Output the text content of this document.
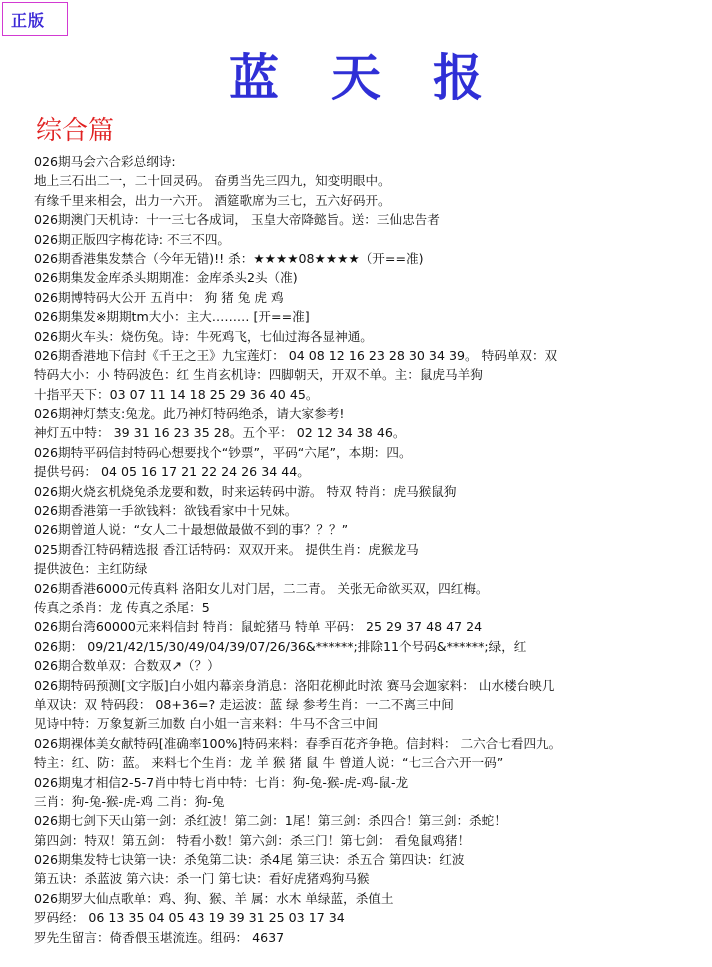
正版
蓝天报
综合篇
026期马会六合彩总纲诗:
地上三石出二一，二十回灵码。 奋勇当先三四九，知变明眼中。
有缘千里来相会，出力一六开。 酒筵歌席为三七，五六好码开。
026期澳门天机诗：十一三七各成词， 玉皇大帝降懿旨。送：三仙忠告者
026期正版四字梅花诗: 不三不四。
026期香港集发禁合（今年无错)!! 杀：★★★★08★★★★（开==准)
026期集发金库杀头期期准：金库杀头2头（准)
026期博特码大公开 五肖中： 狗 猪 兔 虎 鸡
026期集发※期期tm大小：主大……… [开==准]
026期火车头：烧伤兔。诗：牛死鸡飞，七仙过海各显神通。
026期香港地下信封《千王之王》九宝莲灯： 04 08 12 16 23 28 30 34 39。 特码单双：双
特码大小：小 特码波色：红 生肖玄机诗：四脚朝天，开双不单。主：鼠虎马羊狗
十指平天下：03 07 11 14 18 25 29 36 40 45。
026期神灯禁支:兔龙。此乃神灯特码绝杀，请大家参考!
神灯五中特： 39 31 16 23 35 28。五个平： 02 12 34 38 46。
026期特平码信封特码心想要找个“钞票”，平码“六尾”，本期：四。
提供号码： 04 05 16 17 21 22 24 26 34 44。
026期火烧玄机烧兔杀龙要和数，时来运转码中游。 特双 特肖：虎马猴鼠狗
026期香港第一手欲钱料：欲钱看家中十兄妹。
026期曾道人说：“女人二十最想做最做不到的事？？？”
025期香江特码精选报 香江话特码：双双开来。 提供生肖：虎猴龙马
提供波色：主红防绿
026期香港6000元传真料 洛阳女儿对门居，二二青。 关张无命欲买双，四红梅。
传真之杀肖：龙 传真之杀尾：5
026期台湾60000元来料信封 特肖：鼠蛇猪马 特单 平码： 25 29 37 48 47 24
026期： 09/21/42/15/30/49/04/39/07/26/36&******;排除11个号码&******;绿，红
026期合数单双：合数双↗（？）
026期特码预测[文字版]白小姐内幕亲身消息：洛阳花柳此时浓 赛马会迦家料： 山水楼台映几
单双诀：双 特码段： 08+36=? 走运波：蓝 绿 参考生肖：一二不离三中间
见诗中特：万象复新三加数 白小姐一言来料：牛马不含三中间
026期裸体美女献特码[准确率100%]特码来料：春季百花齐争艳。信封料： 二六合七看四九。
特主：红、防：蓝。 来料七个生肖：龙 羊 猴 猪 鼠 牛 曾道人说：“七三合六开一码”
026期鬼才相信2-5-7肖中特七肖中特：七肖：狗-兔-猴-虎-鸡-鼠-龙
三肖：狗-兔-猴-虎-鸡 二肖：狗-兔
026期七剑下天山第一剑：杀红波！第二剑：1尾！第三剑：杀四合！第三剑：杀蛇！
第四剑：特双！第五剑： 特看小数！第六剑：杀三门！第七剑： 看兔鼠鸡猪！
026期集发特七诀第一诀：杀兔第二诀：杀4尾 第三诀：杀五合 第四诀：红波
第五诀：杀蓝波 第六诀：杀一门 第七诀：看好虎猪鸡狗马猴
026期罗大仙点歌单：鸡、狗、猴、羊 属：水木 单绿蓝，杀值土
罗码经： 06 13 35 04 05 43 19 39 31 25 03 17 34
罗先生留言：倚香偎玉堪流连。组码： 4637
